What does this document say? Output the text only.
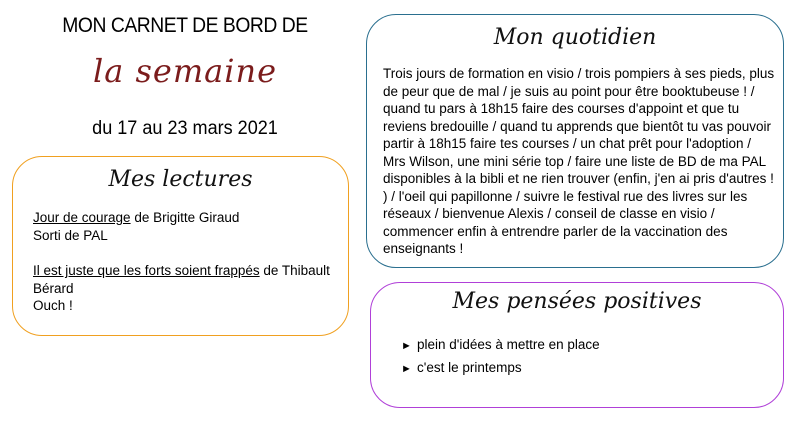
MON CARNET DE BORD DE
la semaine
du 17 au 23 mars 2021
Mes lectures
Jour de courage de Brigitte Giraud
Sorti de PAL
Il est juste que les forts soient frappés de Thibault Bérard
Ouch !
Mon quotidien
Trois jours de formation en visio / trois pompiers à ses pieds, plus de peur que de mal / je suis au point pour être booktubeuse ! / quand tu pars à 18h15 faire des courses d'appoint et que tu reviens bredouille / quand tu apprends que bientôt tu vas pouvoir partir à 18h15 faire tes courses / un chat prêt pour l'adoption / Mrs Wilson, une mini série top / faire une liste de BD de ma PAL disponibles à la bibli et ne rien trouver (enfin, j'en ai pris d'autres ! ) / l'oeil qui papillonne / suivre le festival rue des livres sur les réseaux / bienvenue Alexis / conseil de classe en visio / commencer enfin à entrendre parler de la vaccination des enseignants !
Mes pensées positives
► plein d'idées à mettre en place
► c'est le printemps
